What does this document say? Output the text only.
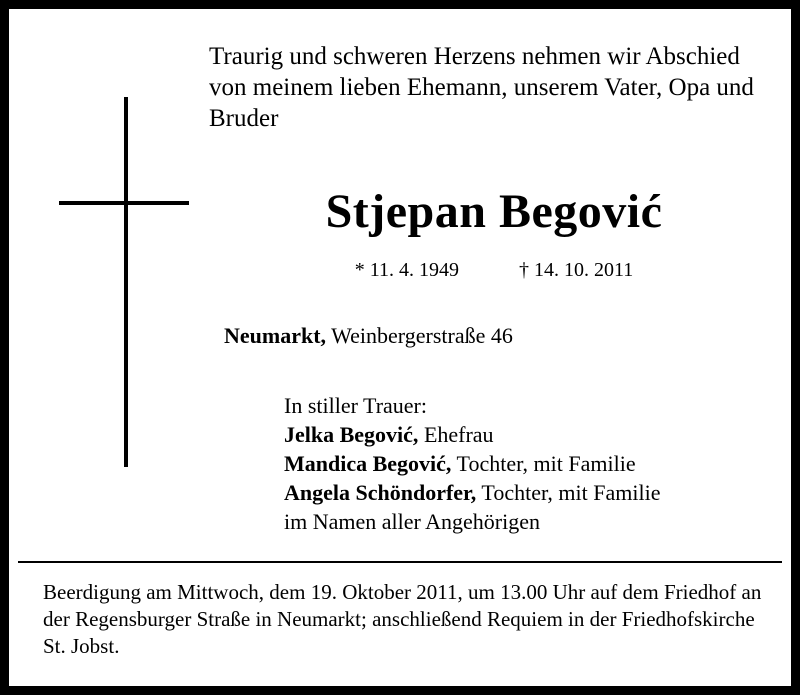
Traurig und schweren Herzens nehmen wir Abschied von meinem lieben Ehemann, unserem Vater, Opa und Bruder
Stjepan Begović
* 11. 4. 1949	† 14. 10. 2011
Neumarkt, Weinbergerstraße 46
In stiller Trauer:
Jelka Begović, Ehefrau
Mandica Begović, Tochter, mit Familie
Angela Schöndorfer, Tochter, mit Familie
im Namen aller Angehörigen
Beerdigung am Mittwoch, dem 19. Oktober 2011, um 13.00 Uhr auf dem Friedhof an der Regensburger Straße in Neumarkt; anschließend Requiem in der Friedhofskirche St. Jobst.
